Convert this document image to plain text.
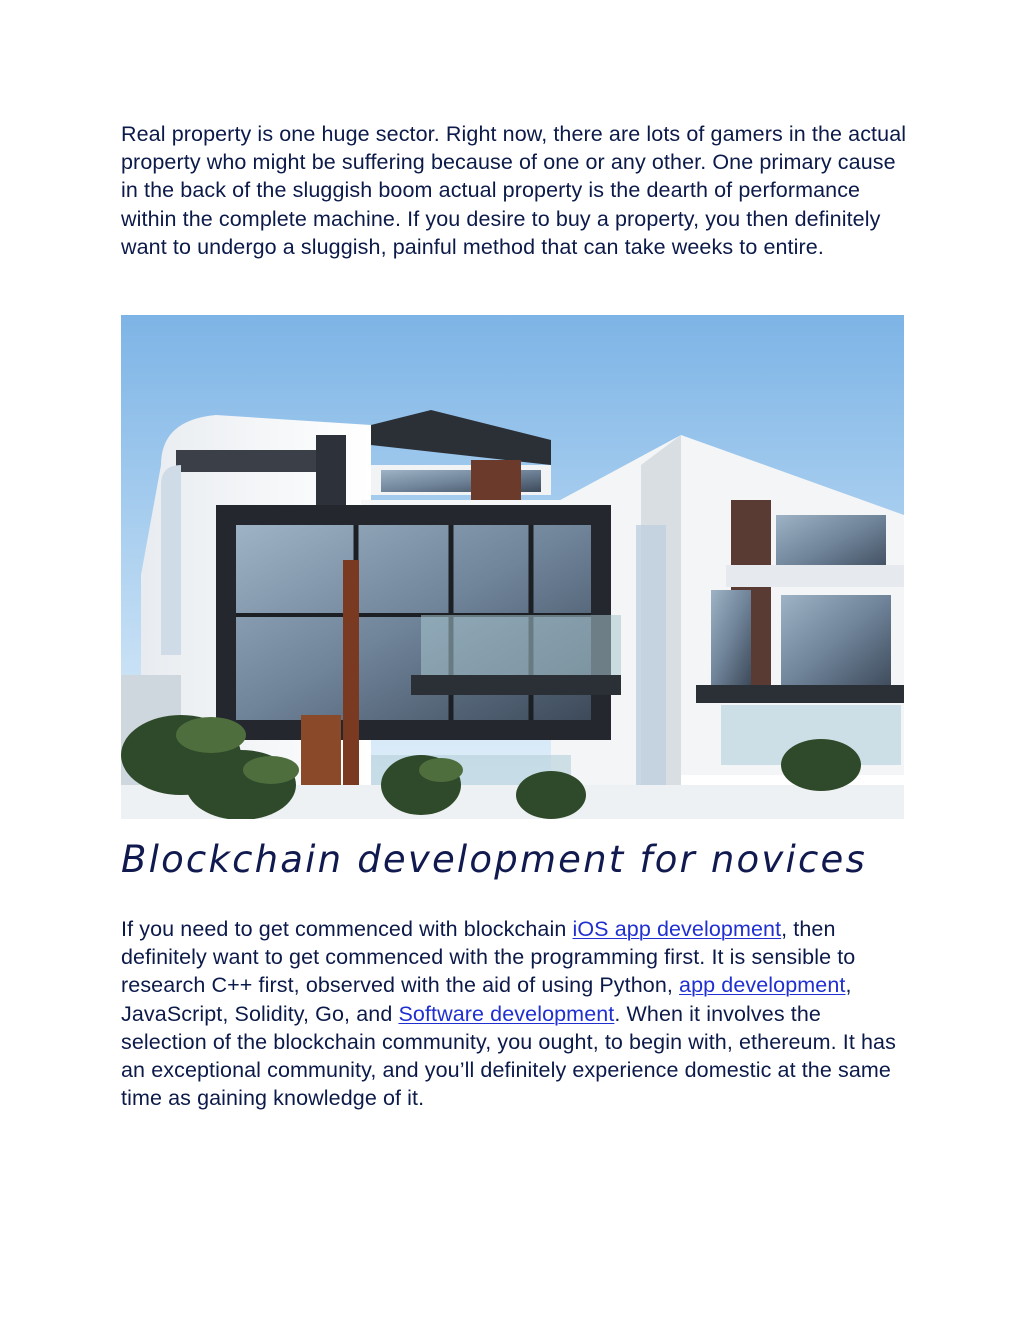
Real property is one huge sector. Right now, there are lots of gamers in the actual property who might be suffering because of one or any other. One primary cause in the back of the sluggish boom actual property is the dearth of performance within the complete machine. If you desire to buy a property, you then definitely want to undergo a sluggish, painful method that can take weeks to entire.

Blockchain development for novices

If you need to get commenced with blockchain iOS app development, then definitely want to get commenced with the programming first. It is sensible to research C++ first, observed with the aid of using Python, app development, JavaScript, Solidity, Go, and Software development. When it involves the selection of the blockchain community, you ought, to begin with, ethereum. It has an exceptional community, and you’ll definitely experience domestic at the same time as gaining knowledge of it.
